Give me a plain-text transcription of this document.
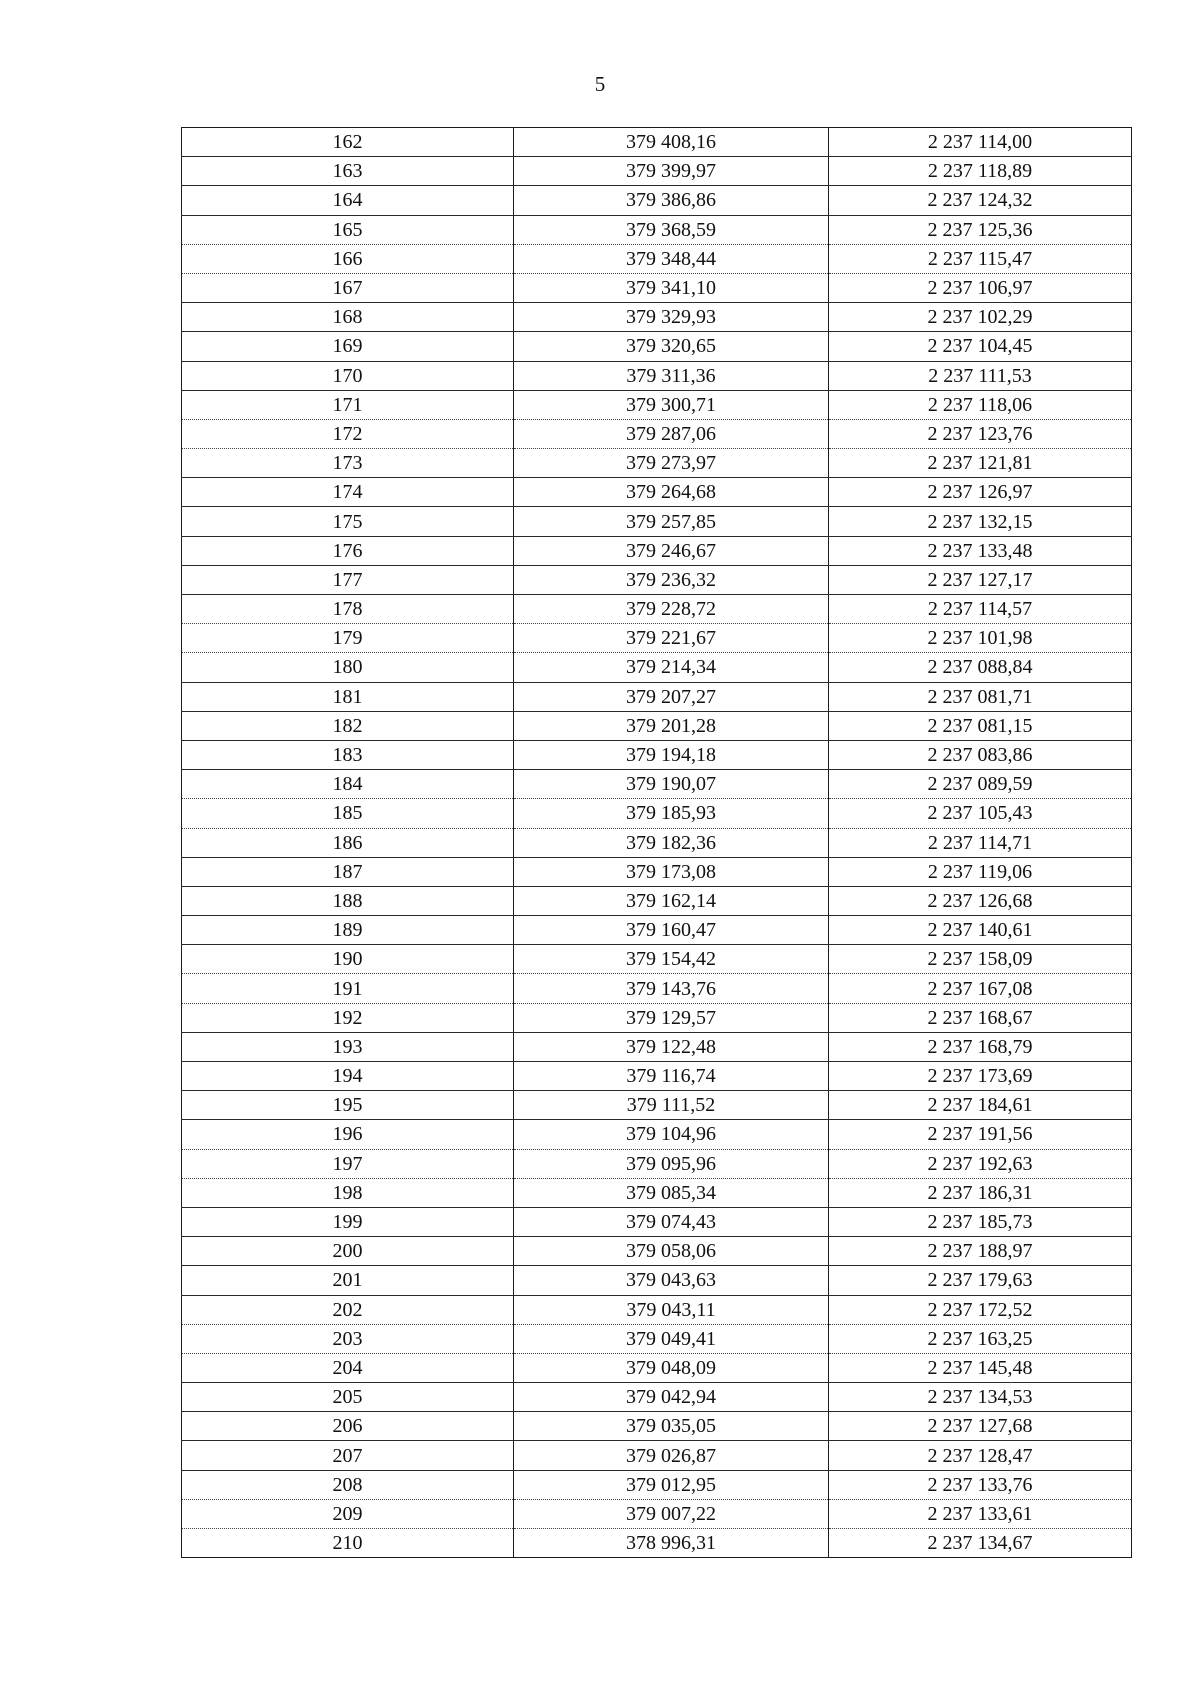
5
162	379 408,16	2 237 114,00
163	379 399,97	2 237 118,89
164	379 386,86	2 237 124,32
165	379 368,59	2 237 125,36
166	379 348,44	2 237 115,47
167	379 341,10	2 237 106,97
168	379 329,93	2 237 102,29
169	379 320,65	2 237 104,45
170	379 311,36	2 237 111,53
171	379 300,71	2 237 118,06
172	379 287,06	2 237 123,76
173	379 273,97	2 237 121,81
174	379 264,68	2 237 126,97
175	379 257,85	2 237 132,15
176	379 246,67	2 237 133,48
177	379 236,32	2 237 127,17
178	379 228,72	2 237 114,57
179	379 221,67	2 237 101,98
180	379 214,34	2 237 088,84
181	379 207,27	2 237 081,71
182	379 201,28	2 237 081,15
183	379 194,18	2 237 083,86
184	379 190,07	2 237 089,59
185	379 185,93	2 237 105,43
186	379 182,36	2 237 114,71
187	379 173,08	2 237 119,06
188	379 162,14	2 237 126,68
189	379 160,47	2 237 140,61
190	379 154,42	2 237 158,09
191	379 143,76	2 237 167,08
192	379 129,57	2 237 168,67
193	379 122,48	2 237 168,79
194	379 116,74	2 237 173,69
195	379 111,52	2 237 184,61
196	379 104,96	2 237 191,56
197	379 095,96	2 237 192,63
198	379 085,34	2 237 186,31
199	379 074,43	2 237 185,73
200	379 058,06	2 237 188,97
201	379 043,63	2 237 179,63
202	379 043,11	2 237 172,52
203	379 049,41	2 237 163,25
204	379 048,09	2 237 145,48
205	379 042,94	2 237 134,53
206	379 035,05	2 237 127,68
207	379 026,87	2 237 128,47
208	379 012,95	2 237 133,76
209	379 007,22	2 237 133,61
210	378 996,31	2 237 134,67
